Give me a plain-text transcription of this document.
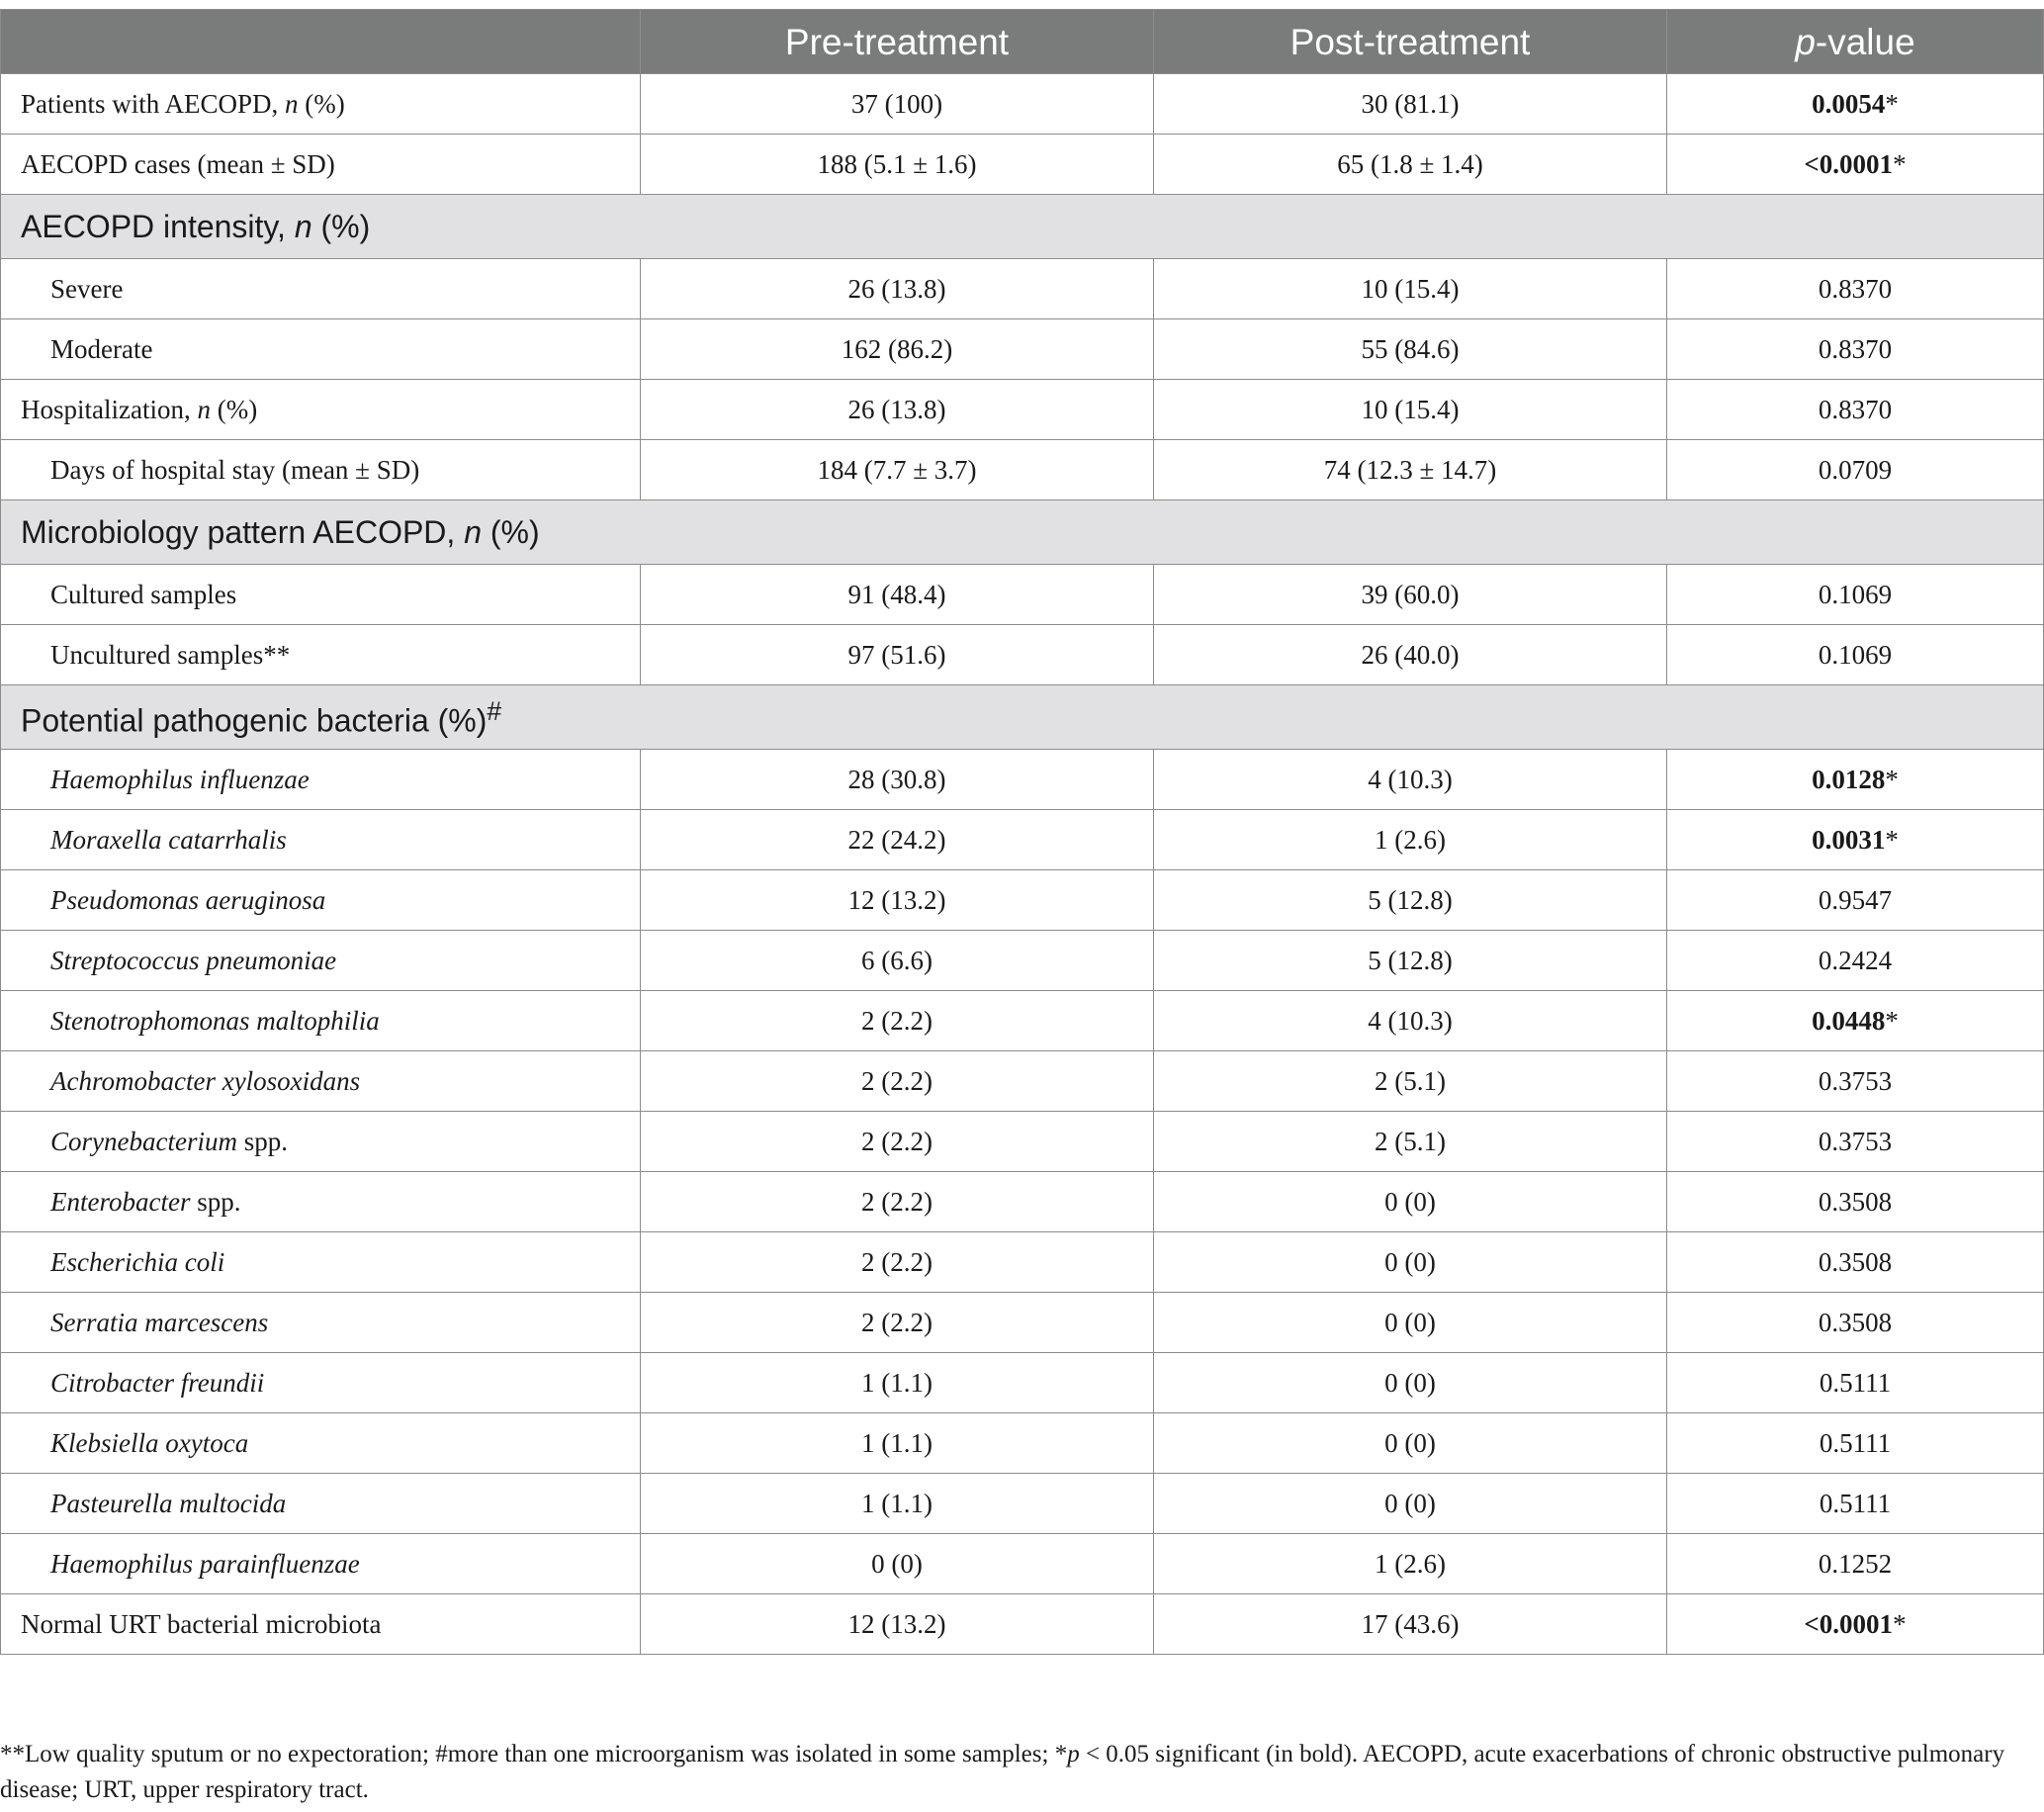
	Pre-treatment	Post-treatment	p-value
Patients with AECOPD, n (%)	37 (100)	30 (81.1)	0.0054*
AECOPD cases (mean ± SD)	188 (5.1 ± 1.6)	65 (1.8 ± 1.4)	<0.0001*
AECOPD intensity, n (%)			
Severe	26 (13.8)	10 (15.4)	0.8370
Moderate	162 (86.2)	55 (84.6)	0.8370
Hospitalization, n (%)	26 (13.8)	10 (15.4)	0.8370
Days of hospital stay (mean ± SD)	184 (7.7 ± 3.7)	74 (12.3 ± 14.7)	0.0709
Microbiology pattern AECOPD, n (%)			
Cultured samples	91 (48.4)	39 (60.0)	0.1069
Uncultured samples**	97 (51.6)	26 (40.0)	0.1069
Potential pathogenic bacteria (%)#
Haemophilus influenzae	28 (30.8)	4 (10.3)	0.0128*
Moraxella catarrhalis	22 (24.2)	1 (2.6)	0.0031*
Pseudomonas aeruginosa	12 (13.2)	5 (12.8)	0.9547
Streptococcus pneumoniae	6 (6.6)	5 (12.8)	0.2424
Stenotrophomonas maltophilia	2 (2.2)	4 (10.3)	0.0448*
Achromobacter xylosoxidans	2 (2.2)	2 (5.1)	0.3753
Corynebacterium spp.	2 (2.2)	2 (5.1)	0.3753
Enterobacter spp.	2 (2.2)	0 (0)	0.3508
Escherichia coli	2 (2.2)	0 (0)	0.3508
Serratia marcescens	2 (2.2)	0 (0)	0.3508
Citrobacter freundii	1 (1.1)	0 (0)	0.5111
Klebsiella oxytoca	1 (1.1)	0 (0)	0.5111
Pasteurella multocida	1 (1.1)	0 (0)	0.5111
Haemophilus parainfluenzae	0 (0)	1 (2.6)	0.1252
Normal URT bacterial microbiota	12 (13.2)	17 (43.6)	<0.0001*

**Low quality sputum or no expectoration; #more than one microorganism was isolated in some samples; *p < 0.05 significant (in bold). AECOPD, acute exacerbations of chronic obstructive pulmonary disease; URT, upper respiratory tract.
